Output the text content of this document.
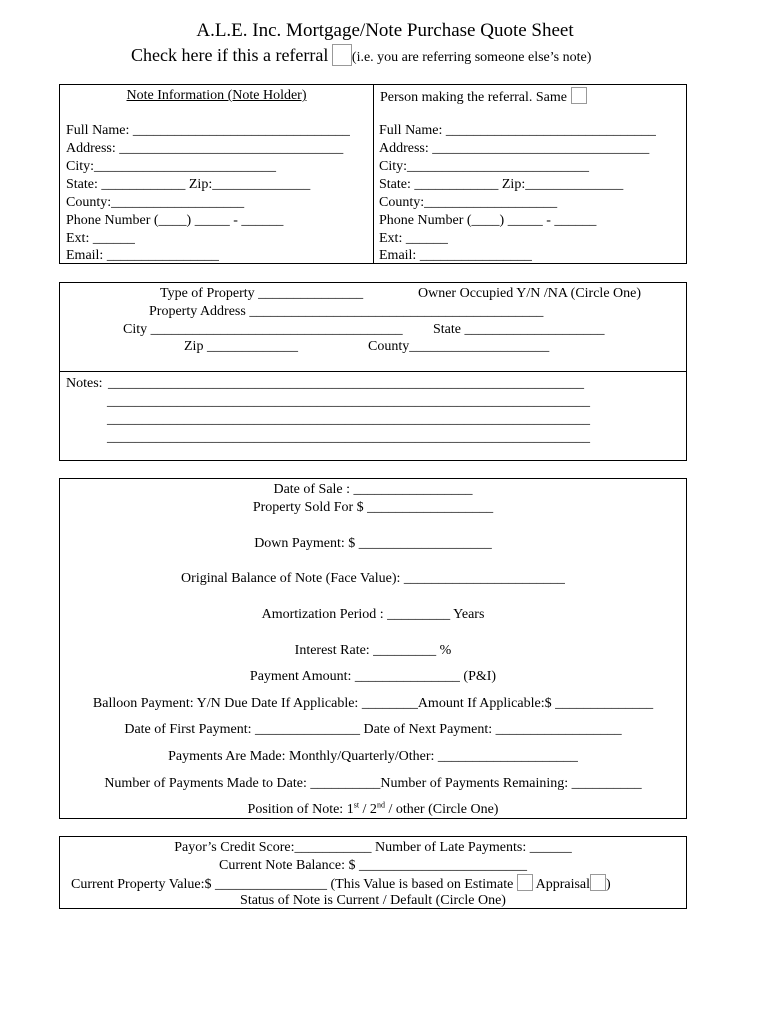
A.L.E. Inc. Mortgage/Note Purchase Quote Sheet
Check here if this a referral (i.e. you are referring someone else’s note)
Note Information (Note Holder)
Full Name: _______________________________
Address: ________________________________
City:__________________________
State: ____________ Zip:______________
County:___________________
Phone Number (____) _____ - ______
Ext: ______
Email: ________________
Person making the referral. Same
Full Name: ______________________________
Address: _______________________________
City:__________________________
State: ____________ Zip:______________
County:___________________
Phone Number (____) _____ - ______
Ext: ______
Email: ________________
Type of Property _______________	Owner Occupied Y/N /NA (Circle One)
Property Address __________________________________________
City ____________________________________ State ____________________
Zip _____________	County____________________
Notes: ____________________________________________________________________
_____________________________________________________________________
_____________________________________________________________________
_____________________________________________________________________
Date of Sale : _________________
Property Sold For $ __________________
Down Payment: $ ___________________
Original Balance of Note (Face Value): _______________________
Amortization Period : _________ Years
Interest Rate: _________ %
Payment Amount: _______________ (P&I)
Balloon Payment: Y/N Due Date If Applicable: ________Amount If Applicable:$ ______________
Date of First Payment: _______________ Date of Next Payment: __________________
Payments Are Made: Monthly/Quarterly/Other: ____________________
Number of Payments Made to Date: __________Number of Payments Remaining: __________
Position of Note: 1st / 2nd / other (Circle One)
Payor’s Credit Score:___________ Number of Late Payments: ______
Current Note Balance: $ ________________________
Current Property Value:$ ________________ (This Value is based on Estimate Appraisal )
Status of Note is Current / Default (Circle One)
